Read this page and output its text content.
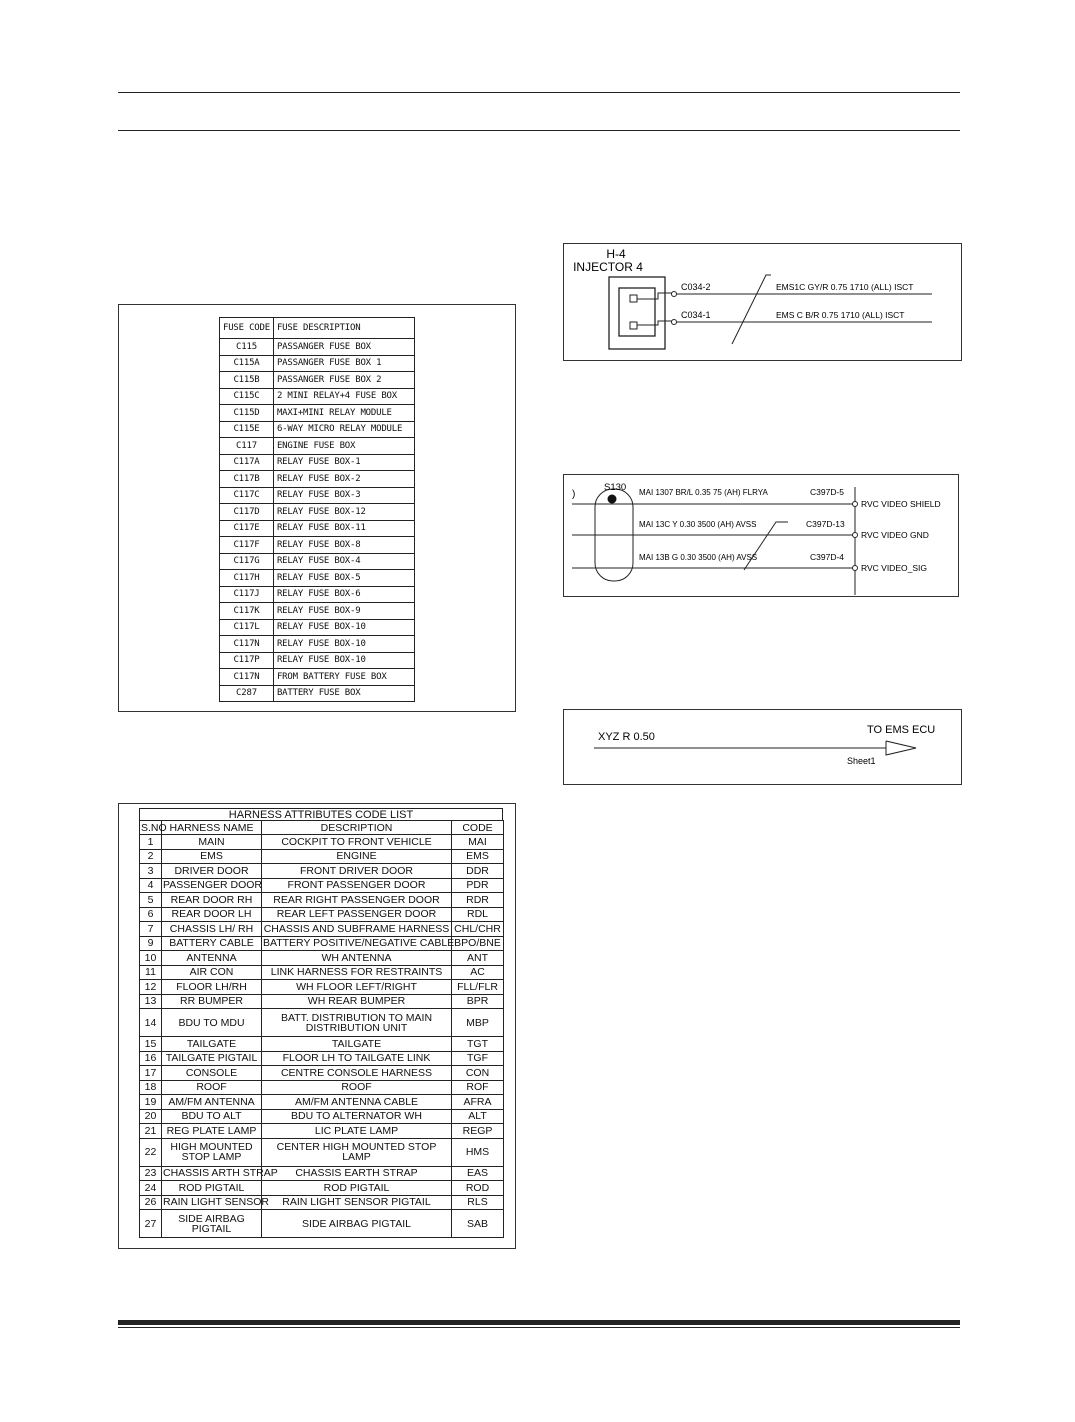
FUSE CODE	FUSE DESCRIPTION
C115	PASSANGER FUSE BOX
C115A	PASSANGER FUSE BOX 1
C115B	PASSANGER FUSE BOX 2
C115C	2 MINI RELAY+4 FUSE BOX
C115D	MAXI+MINI RELAY MODULE
C115E	6-WAY MICRO RELAY MODULE
C117	ENGINE FUSE BOX
C117A	RELAY FUSE BOX-1
C117B	RELAY FUSE BOX-2
C117C	RELAY FUSE BOX-3
C117D	RELAY FUSE BOX-12
C117E	RELAY FUSE BOX-11
C117F	RELAY FUSE BOX-8
C117G	RELAY FUSE BOX-4
C117H	RELAY FUSE BOX-5
C117J	RELAY FUSE BOX-6
C117K	RELAY FUSE BOX-9
C117L	RELAY FUSE BOX-10
C117N	RELAY FUSE BOX-10
C117P	RELAY FUSE BOX-10
C117N	FROM BATTERY FUSE BOX
C287	BATTERY FUSE BOX
HARNESS ATTRIBUTES CODE LIST
S.NO	HARNESS NAME	DESCRIPTION	CODE
1	MAIN	COCKPIT TO FRONT VEHICLE	MAI
2	EMS	ENGINE	EMS
3	DRIVER DOOR	FRONT DRIVER DOOR	DDR
4	PASSENGER DOOR	FRONT PASSENGER DOOR	PDR
5	REAR DOOR RH	REAR RIGHT PASSENGER DOOR	RDR
6	REAR DOOR LH	REAR LEFT PASSENGER DOOR	RDL
7	CHASSIS LH/ RH	CHASSIS AND SUBFRAME HARNESS	CHL/CHR
9	BATTERY CABLE	BATTERY POSITIVE/NEGATIVE CABLE	BPO/BNE
10	ANTENNA	WH ANTENNA	ANT
11	AIR CON	LINK HARNESS FOR RESTRAINTS	AC
12	FLOOR LH/RH	WH FLOOR LEFT/RIGHT	FLL/FLR
13	RR BUMPER	WH REAR BUMPER	BPR
14	BDU TO MDU	BATT. DISTRIBUTION TO MAIN DISTRIBUTION UNIT	MBP
15	TAILGATE	TAILGATE	TGT
16	TAILGATE PIGTAIL	FLOOR LH TO TAILGATE LINK	TGF
17	CONSOLE	CENTRE CONSOLE HARNESS	CON
18	ROOF	ROOF	ROF
19	AM/FM ANTENNA	AM/FM ANTENNA CABLE	AFRA
20	BDU TO ALT	BDU TO ALTERNATOR WH	ALT
21	REG PLATE LAMP	LIC PLATE LAMP	REGP
22	HIGH MOUNTED STOP LAMP	CENTER HIGH MOUNTED STOP LAMP	HMS
23	CHASSIS ARTH STRAP	CHASSIS EARTH STRAP	EAS
24	ROD PIGTAIL	ROD PIGTAIL	ROD
26	RAIN LIGHT SENSOR	RAIN LIGHT SENSOR PIGTAIL	RLS
27	SIDE AIRBAG PIGTAIL	SIDE AIRBAG PIGTAIL	SAB
H-4
INJECTOR 4
C034-2
C034-1
EMS1C GY/R 0.75 1710 (ALL) ISCT
EMS C B/R 0.75 1710 (ALL) ISCT
S130
)	MAI 1307 BR/L 0.35 75 (AH) FLRYA
MAI 13C Y 0.30 3500 (AH) AVSS
MAI 13B G 0.30 3500 (AH) AVSS
C397D-5
C397D-13
C397D-4
RVC VIDEO SHIELD
RVC VIDEO GND
RVC VIDEO_SIG
XYZ R 0.50
TO EMS ECU
Sheet1
